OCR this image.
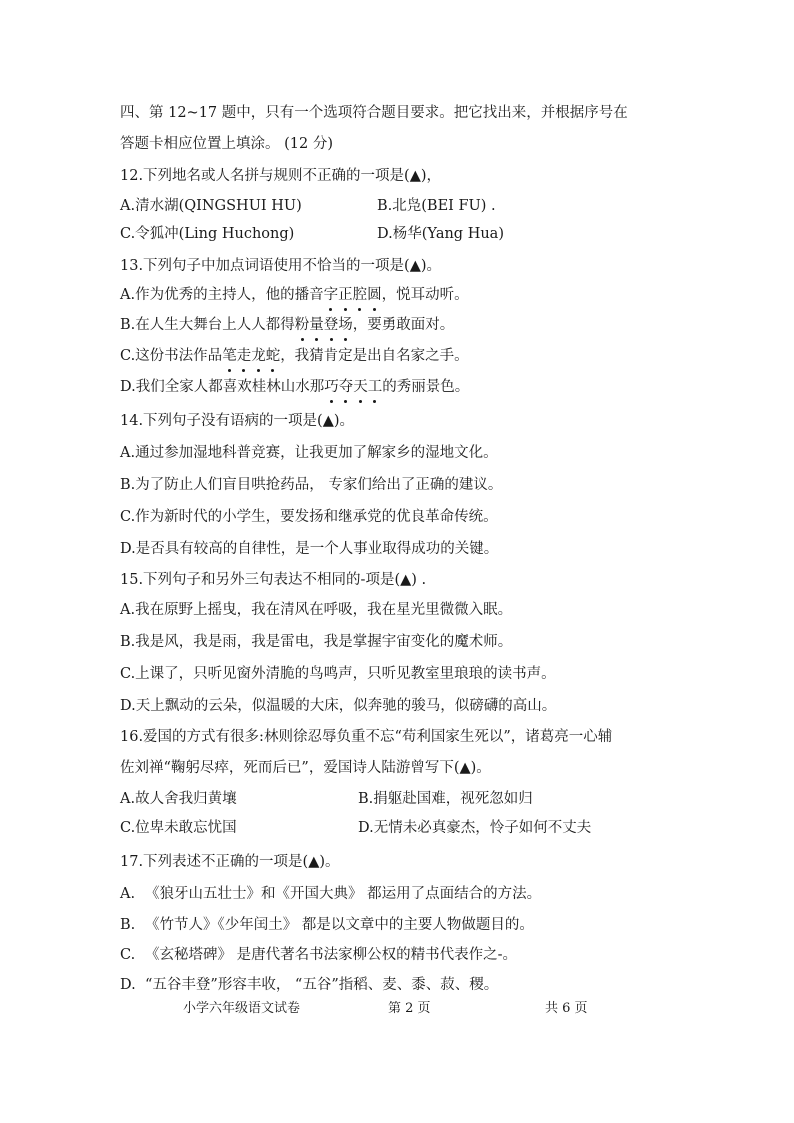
四、第 12~17 题中，只有一个选项符合题目要求。把它找出来，并根据序号在
答题卡相应位置上填涂。 (12 分)
12.下列地名或人名拼与规则不正确的一项是(▲)，
A.清水湖(QINGSHUI HU)	B.北凫(BEI FU) .
C.令狐冲(Ling Huchong)	D.杨华(Yang Hua)
13.下列句子中加点词语使用不恰当的一项是(▲)。
A.作为优秀的主持人，他的播音字正腔圆，悦耳动听。
B.在人生大舞台上人人都得粉量登场，要勇敢面对。
C.这份书法作品笔走龙蛇，我猜肯定是出自名家之手。
D.我们全家人都喜欢桂林山水那巧夺天工的秀丽景色。
14.下列句子没有语病的一项是(▲)。
A.通过参加湿地科普竞赛，让我更加了解家乡的湿地文化。
B.为了防止人们盲目哄抢药品， 专家们给出了正确的建议。
C.作为新时代的小学生，要发扬和继承党的优良革命传统。
D.是否具有较高的自律性，是一个人事业取得成功的关键。
15.下列句子和另外三句表达不相同的-项是(▲) .
A.我在原野上摇曳，我在清风在呼吸，我在星光里微微入眠。
B.我是风，我是雨，我是雷电，我是掌握宇宙变化的魔术师。
C.上课了，只听见窗外清脆的鸟鸣声，只听见教室里琅琅的读书声。
D.天上飘动的云朵，似温暖的大床，似奔驰的骏马，似磅礴的高山。
16.爱国的方式有很多:林则徐忍辱负重不忘“苟利国家生死以”，诸葛亮一心辅
佐刘禅“鞠躬尽瘁，死而后已”，爱国诗人陆游曾写下(▲)。
A.故人舍我归黄壤	B.捐躯赴国难，视死忽如归
C.位卑未敢忘忧国	D.无情未必真豪杰，怜子如何不丈夫
17.下列表述不正确的一项是(▲)。
A. 《狼牙山五壮士》和《开国大典》 都运用了点面结合的方法。
B. 《竹节人》《少年闰土》 都是以文章中的主要人物做题目的。
C. 《玄秘塔碑》 是唐代著名书法家柳公权的精书代表作之-。
D. “五谷丰登”形容丰收， “五谷”指稻、麦、黍、菽、稷。
小学六年级语文试卷	第 2 页	共 6 页
